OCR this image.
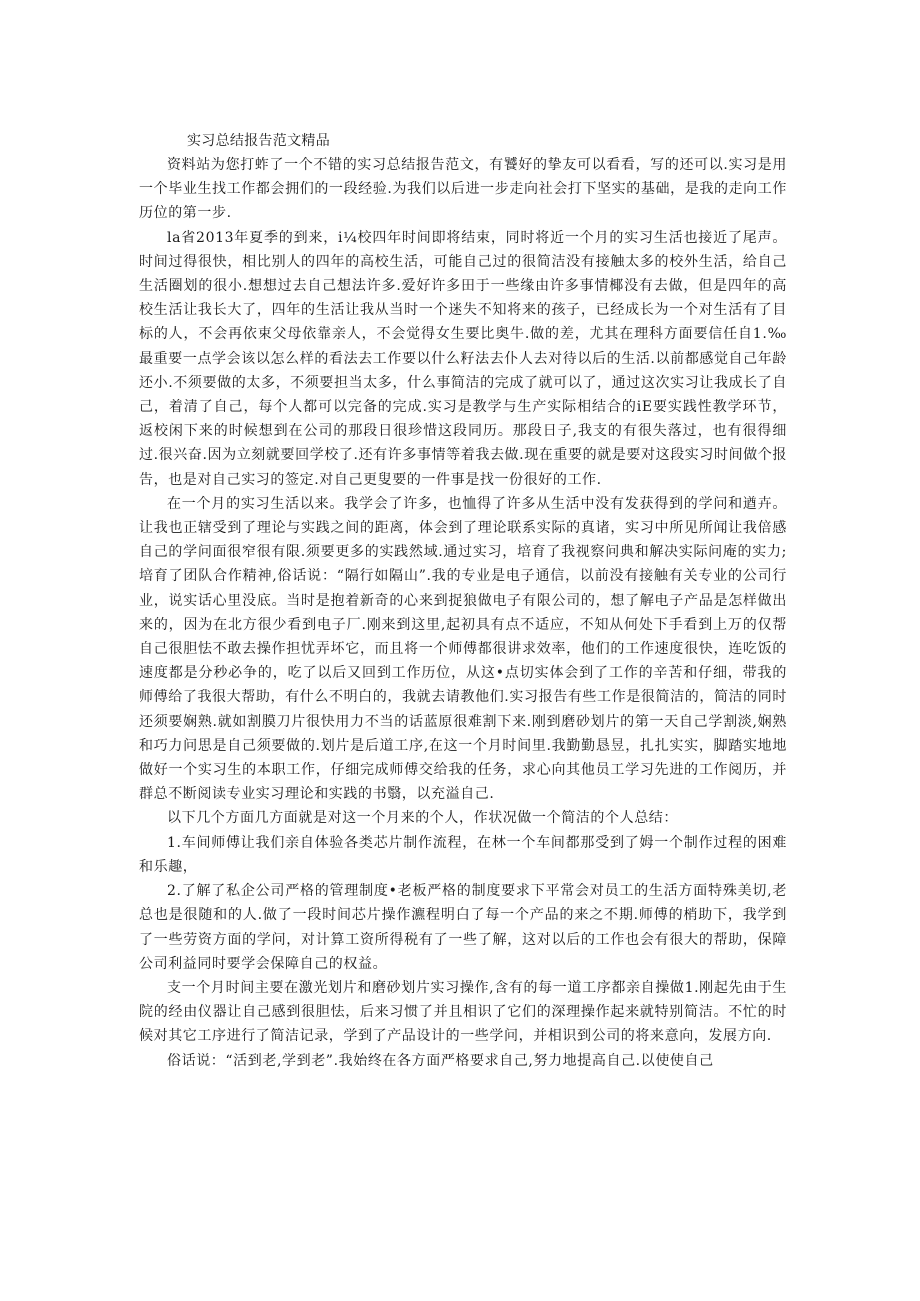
实习总结报告范文精品

资料站为您打蚱了一个不错的实习总结报告范文，有饕好的挚友可以看看，写的还可以.实习是用一个毕业生找工作都会拥们的一段经验.为我们以后进一步走向社会打下坚实的基础，是我的走向工作历位的第一步.

la省2013年夏季的到来，i¼校四年时间即将结束，同时将近一个月的实习生活也接近了尾声。时间过得很快，相比别人的四年的高校生活，可能自己过的很简洁没有接触太多的校外生活，给自己生活圈划的很小.想想过去自己想法许多.爱好许多田于一些缘由许多事情椰没有去做，但是四年的高校生活让我长大了，四年的生活让我从当时一个迷失不知将来的孩子，已经成长为一个对生活有了目标的人，不会再依束父母依靠亲人，不会觉得女生要比奥牛.做的差，尤其在理科方面要信任自1.‰最重要一点学会该以怎么样的看法去工作要以什么籽法去仆人去对待以后的生活.以前都感觉自己年龄还小.不须要做的太多，不须要担当太多，什么事简洁的完成了就可以了，通过这次实习让我成长了自己，着清了自己，每个人都可以完备的完成.实习是教学与生产实际相结合的iE要实践性教学环节，返校闲下来的时候想到在公司的那段日很珍惜这段同历。那段日子,我支的有很失落过，也有很得细过.很兴奋.因为立刻就要回学校了.还有许多事情等着我去做.现在重要的就是要对这段实习时间做个报告，也是对自己实习的签定.对自己更叟要的一件事是找一份很好的工作.

在一个月的实习生活以来。我学会了许多，也恤得了许多从生活中没有发获得到的学问和遒卉。让我也正辖受到了理论与实践之间的距离，体会到了理论联系实际的真诸，实习中所见所闻让我倍感自己的学问面很窄很有限.须要更多的实践然域.通过实习，培育了我视察问典和解决实际问庵的实力;培育了团队合作精神,俗话说：“隔行如隔山”.我的专业是电子通信，以前没有接触有关专业的公司行业，说实话心里没底。当时是抱着新奇的心来到捉狼做电子有限公司的，想了解电子产品是怎样做出来的，因为在北方很少看到电子厂.刚来到这里,起初具有点不适应，不知从何处下手看到上万的仅帮自己很胆怯不敢去操作担忧弄坏它，而且将一个师傅都很讲求效率，他们的工作速度很快，连吃饭的速度都是分秒必争的，吃了以后又回到工作历位，从这•点切实体会到了工作的辛苦和仔细，带我的师傅给了我很大帮助，有什么不明白的，我就去请教他们.实习报告有些工作是很简洁的，简洁的同时还须要娴熟.就如割膜刀片很快用力不当的话蓝原很难割下来.刚到磨砂划片的第一天自己学割淡,娴熟和巧力问思是自己须要做的.划片是后道工序,在这一个月时间里.我勤勤恳昱，扎扎实实，脚踏实地地做好一个实习生的本职工作，仔细完成师傅交给我的任务，求心向其他员工学习先进的工作阅历，并群总不断阅读专业实习理论和实践的书翳，以充溢自己.

以下几个方面几方面就是对这一个月来的个人，作状况做一个简洁的个人总结：

1.车间师傅让我们亲自体验各类芯片制作流程，在林一个车间都那受到了姆一个制作过程的困难和乐趣，

2.了解了私企公司严格的管理制度•老板严格的制度要求下平常会对员工的生活方面特殊美切,老总也是很随和的人.做了一段时间芯片操作瀌程明白了每一个产品的来之不期.师傅的梢助下，我学到了一些劳资方面的学问，对计算工资所得税有了一些了解，这对以后的工作也会有很大的帮助，保障公司利益同时要学会保障自己的权益。

支一个月时间主要在激光划片和磨砂划片实习操作,含有的每一道工序都亲自操做1.刚起先由于生院的经由仪器让自己感到很胆怯，后来习惯了并且相识了它们的深理操作起来就特别简洁。不忙的时候对其它工序进行了简洁记录，学到了产品设计的一些学问，并相识到公司的将来意向，发展方向.

俗话说：“活到老,学到老”.我始终在各方面严格要求自己,努力地提高自己.以使使自己
